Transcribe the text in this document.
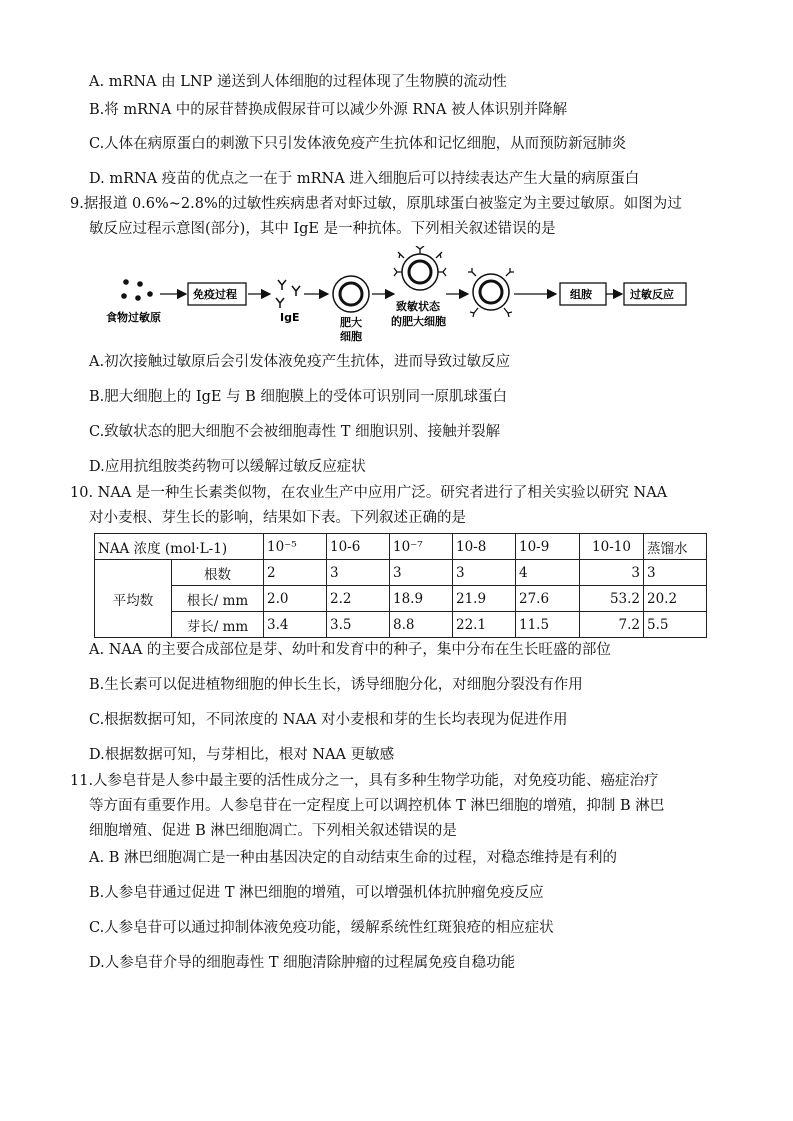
A. mRNA 由 LNP 递送到人体细胞的过程体现了生物膜的流动性
B.将 mRNA 中的尿苷替换成假尿苷可以减少外源 RNA 被人体识别并降解
C.人体在病原蛋白的刺激下只引发体液免疫产生抗体和记忆细胞，从而预防新冠肺炎
D. mRNA 疫苗的优点之一在于 mRNA 进入细胞后可以持续表达产生大量的病原蛋白
9.据报道 0.6%~2.8%的过敏性疾病患者对虾过敏，原肌球蛋白被鉴定为主要过敏原。如图为过
敏反应过程示意图(部分)，其中 IgE 是一种抗体。下列相关叙述错误的是
食物过敏原
免疫过程
IgE	肥大
细胞
致敏状态
的肥大细胞
组胺	过敏反应
A.初次接触过敏原后会引发体液免疫产生抗体，进而导致过敏反应
B.肥大细胞上的 IgE 与 B 细胞膜上的受体可识别同一原肌球蛋白
C.致敏状态的肥大细胞不会被细胞毒性 T 细胞识别、接触并裂解
D.应用抗组胺类药物可以缓解过敏反应症状
10. NAA 是一种生长素类似物，在农业生产中应用广泛。研究者进行了相关实验以研究 NAA
对小麦根、芽生长的影响，结果如下表。下列叙述正确的是
NAA 浓度 (mol·L-1)		10⁻⁵	10-6	10⁻⁷	10-8	10-9	10-10	蒸馏水
平均数	根数	2	3	3	3	4	3	3
	根长/ mm	2.0	2.2	18.9	21.9	27.6	53.2	20.2
	芽长/ mm	3.4	3.5	8.8	22.1	11.5	7.2	5.5
A. NAA 的主要合成部位是芽、幼叶和发育中的种子，集中分布在生长旺盛的部位
B.生长素可以促进植物细胞的伸长生长，诱导细胞分化，对细胞分裂没有作用
C.根据数据可知，不同浓度的 NAA 对小麦根和芽的生长均表现为促进作用
D.根据数据可知，与芽相比，根对 NAA 更敏感
11.人参皂苷是人参中最主要的活性成分之一，具有多种生物学功能，对免疫功能、癌症治疗
等方面有重要作用。人参皂苷在一定程度上可以调控机体 T 淋巴细胞的增殖，抑制 B 淋巴
细胞增殖、促进 B 淋巴细胞凋亡。下列相关叙述错误的是
A. B 淋巴细胞凋亡是一种由基因决定的自动结束生命的过程，对稳态维持是有利的
B.人参皂苷通过促进 T 淋巴细胞的增殖，可以增强机体抗肿瘤免疫反应
C.人参皂苷可以通过抑制体液免疫功能，缓解系统性红斑狼疮的相应症状
D.人参皂苷介导的细胞毒性 T 细胞清除肿瘤的过程属免疫自稳功能
